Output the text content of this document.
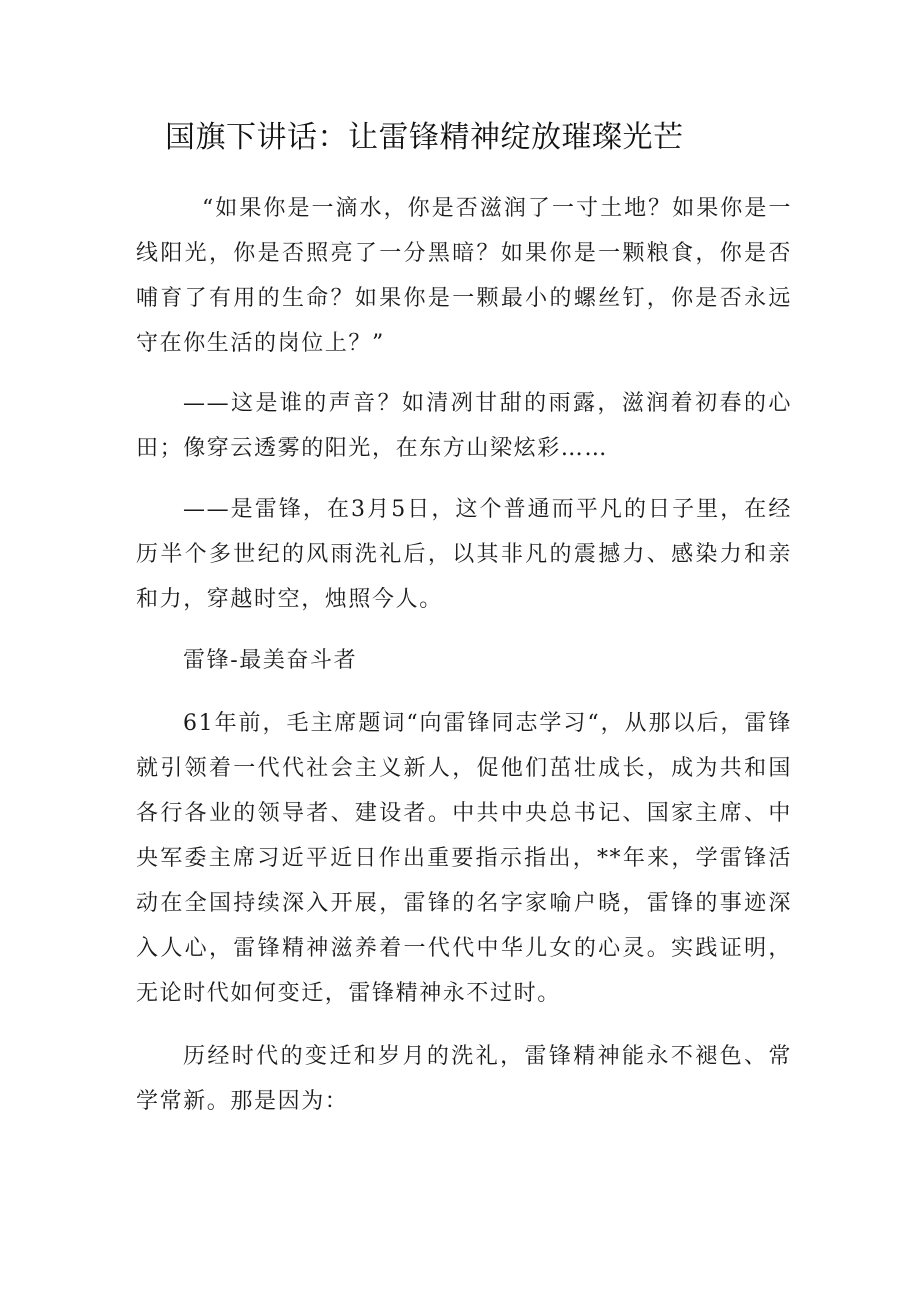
国旗下讲话：让雷锋精神绽放璀璨光芒

“如果你是一滴水，你是否滋润了一寸土地？如果你是一线阳光，你是否照亮了一分黑暗？如果你是一颗粮食，你是否哺育了有用的生命？如果你是一颗最小的螺丝钉，你是否永远守在你生活的岗位上？”

——这是谁的声音？如清冽甘甜的雨露，滋润着初春的心田；像穿云透雾的阳光，在东方山梁炫彩……

——是雷锋，在3月5日，这个普通而平凡的日子里，在经历半个多世纪的风雨洗礼后，以其非凡的震撼力、感染力和亲和力，穿越时空，烛照今人。

雷锋-最美奋斗者

61年前，毛主席题词“向雷锋同志学习“，从那以后，雷锋就引领着一代代社会主义新人，促他们茁壮成长，成为共和国各行各业的领导者、建设者。中共中央总书记、国家主席、中央军委主席习近平近日作出重要指示指出，**年来，学雷锋活动在全国持续深入开展，雷锋的名字家喻户晓，雷锋的事迹深入人心，雷锋精神滋养着一代代中华儿女的心灵。实践证明，无论时代如何变迁，雷锋精神永不过时。

历经时代的变迁和岁月的洗礼，雷锋精神能永不褪色、常学常新。那是因为：
